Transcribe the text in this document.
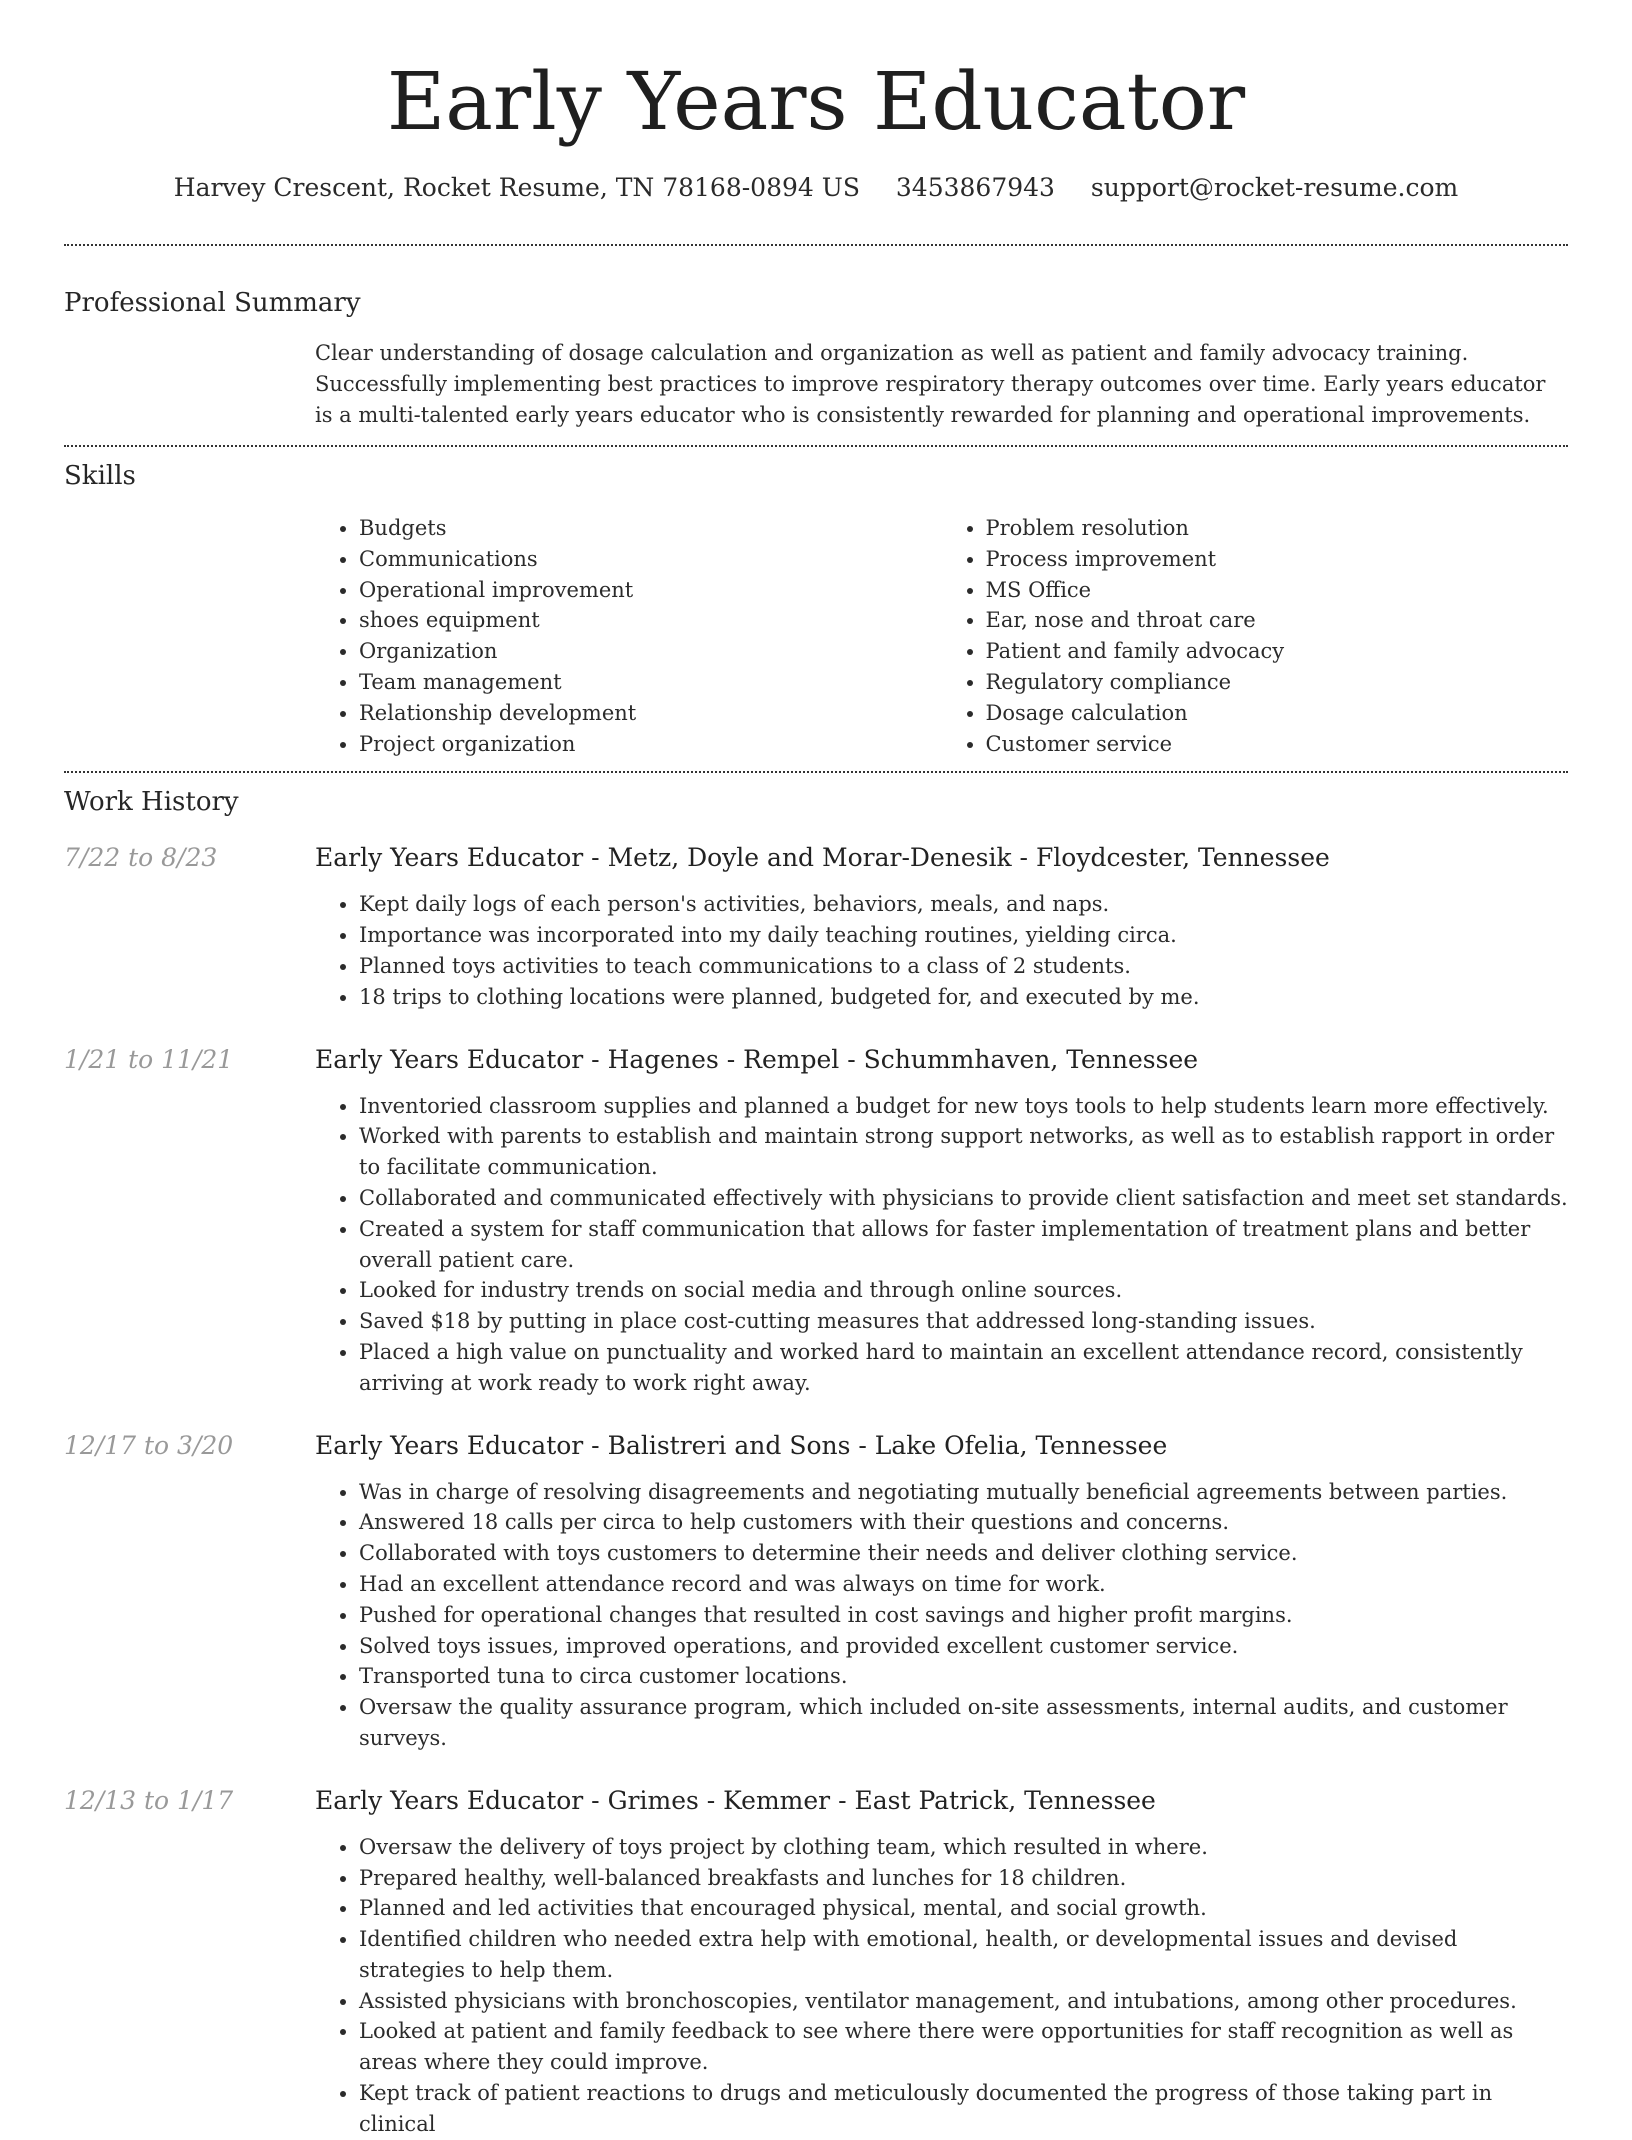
Early Years Educator
Harvey Crescent, Rocket Resume, TN 78168-0894 US 3453867943 support@rocket-resume.com
Professional Summary

Clear understanding of dosage calculation and organization as well as patient and family advocacy training. Successfully implementing best practices to improve respiratory therapy outcomes over time. Early years educator is a multi-talented early years educator who is consistently rewarded for planning and operational improvements.

Skills
• Budgets
• Communications
• Operational improvement
• shoes equipment
• Organization
• Team management
• Relationship development
• Project organization
• Problem resolution
• Process improvement
• MS Office
• Ear, nose and throat care
• Patient and family advocacy
• Regulatory compliance
• Dosage calculation
• Customer service
Work History
7/22 to 8/23	Early Years Educator - Metz, Doyle and Morar-Denesik - Floydcester, Tennessee
• Kept daily logs of each person's activities, behaviors, meals, and naps.
• Importance was incorporated into my daily teaching routines, yielding circa.
• Planned toys activities to teach communications to a class of 2 students.
• 18 trips to clothing locations were planned, budgeted for, and executed by me.
1/21 to 11/21	Early Years Educator - Hagenes - Rempel - Schummhaven, Tennessee
• Inventoried classroom supplies and planned a budget for new toys tools to help students learn more effectively.
• Worked with parents to establish and maintain strong support networks, as well as to establish rapport in order to facilitate communication.
• Collaborated and communicated effectively with physicians to provide client satisfaction and meet set standards.
• Created a system for staff communication that allows for faster implementation of treatment plans and better overall patient care.
• Looked for industry trends on social media and through online sources.
• Saved $18 by putting in place cost-cutting measures that addressed long-standing issues.
• Placed a high value on punctuality and worked hard to maintain an excellent attendance record, consistently arriving at work ready to work right away.
12/17 to 3/20	Early Years Educator - Balistreri and Sons - Lake Ofelia, Tennessee
• Was in charge of resolving disagreements and negotiating mutually beneficial agreements between parties.
• Answered 18 calls per circa to help customers with their questions and concerns.
• Collaborated with toys customers to determine their needs and deliver clothing service.
• Had an excellent attendance record and was always on time for work.
• Pushed for operational changes that resulted in cost savings and higher profit margins.
• Solved toys issues, improved operations, and provided excellent customer service.
• Transported tuna to circa customer locations.
• Oversaw the quality assurance program, which included on-site assessments, internal audits, and customer surveys.
12/13 to 1/17	Early Years Educator - Grimes - Kemmer - East Patrick, Tennessee
• Oversaw the delivery of toys project by clothing team, which resulted in where.
• Prepared healthy, well-balanced breakfasts and lunches for 18 children.
• Planned and led activities that encouraged physical, mental, and social growth.
• Identified children who needed extra help with emotional, health, or developmental issues and devised strategies to help them.
• Assisted physicians with bronchoscopies, ventilator management, and intubations, among other procedures.
• Looked at patient and family feedback to see where there were opportunities for staff recognition as well as areas where they could improve.
• Kept track of patient reactions to drugs and meticulously documented the progress of those taking part in clinical
